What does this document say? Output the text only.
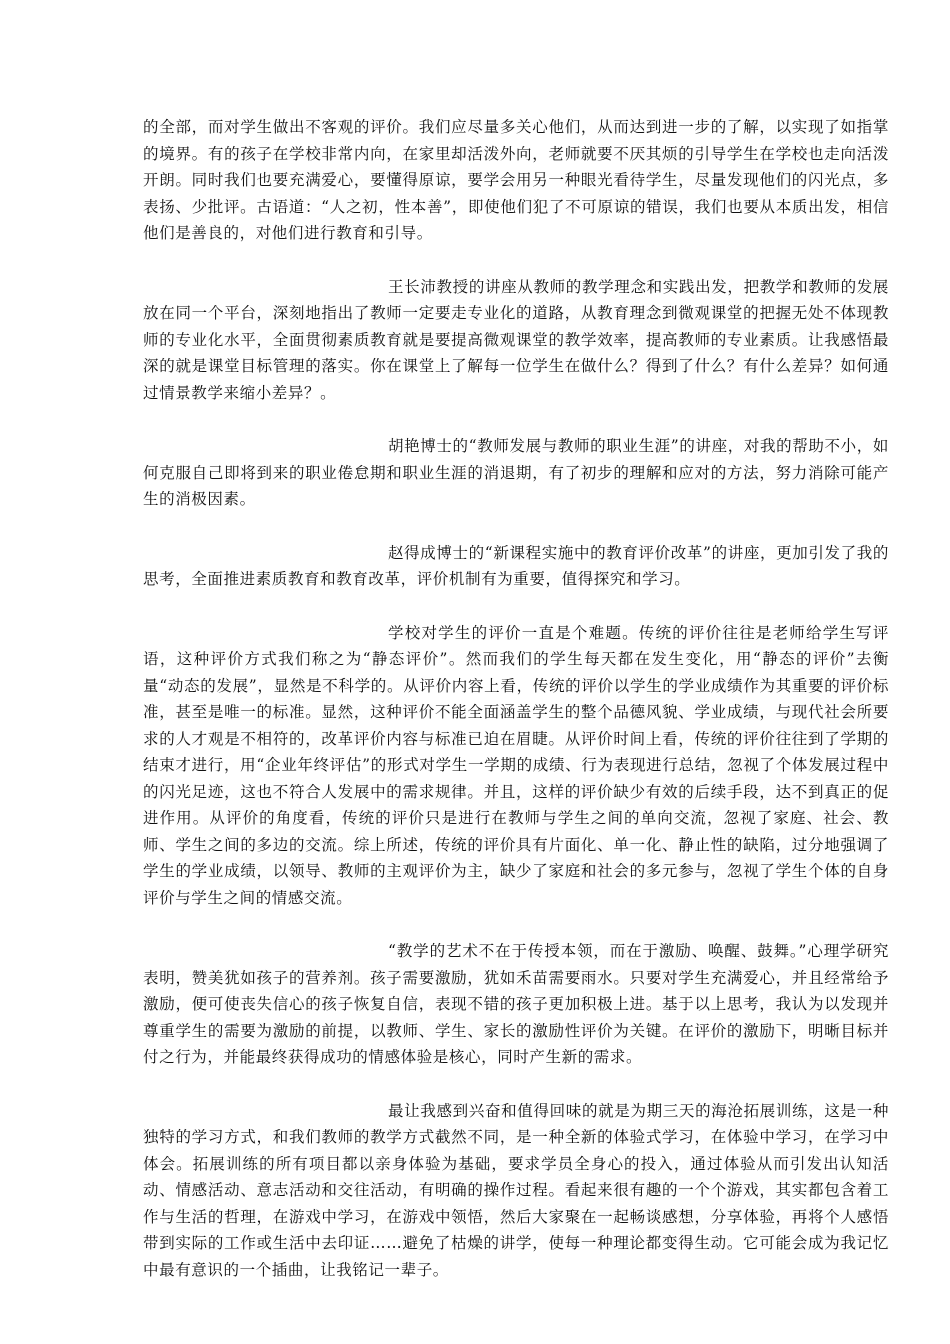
的全部，而对学生做出不客观的评价。我们应尽量多关心他们，从而达到进一步的了解，以实现了如指掌的境界。有的孩子在学校非常内向，在家里却活泼外向，老师就要不厌其烦的引导学生在学校也走向活泼开朗。同时我们也要充满爱心，要懂得原谅，要学会用另一种眼光看待学生，尽量发现他们的闪光点，多表扬、少批评。古语道：“人之初，性本善”，即使他们犯了不可原谅的错误，我们也要从本质出发，相信他们是善良的，对他们进行教育和引导。

王长沛教授的讲座从教师的教学理念和实践出发，把教学和教师的发展放在同一个平台，深刻地指出了教师一定要走专业化的道路，从教育理念到微观课堂的把握无处不体现教师的专业化水平，全面贯彻素质教育就是要提高微观课堂的教学效率，提高教师的专业素质。让我感悟最深的就是课堂目标管理的落实。你在课堂上了解每一位学生在做什么？得到了什么？有什么差异？如何通过情景教学来缩小差异？。

胡艳博士的“教师发展与教师的职业生涯”的讲座，对我的帮助不小，如何克服自己即将到来的职业倦怠期和职业生涯的消退期，有了初步的理解和应对的方法，努力消除可能产生的消极因素。

赵得成博士的“新课程实施中的教育评价改革”的讲座，更加引发了我的思考，全面推进素质教育和教育改革，评价机制有为重要，值得探究和学习。

学校对学生的评价一直是个难题。传统的评价往往是老师给学生写评语，这种评价方式我们称之为“静态评价”。然而我们的学生每天都在发生变化，用“静态的评价”去衡量“动态的发展”，显然是不科学的。从评价内容上看，传统的评价以学生的学业成绩作为其重要的评价标准，甚至是唯一的标准。显然，这种评价不能全面涵盖学生的整个品德风貌、学业成绩，与现代社会所要求的人才观是不相符的，改革评价内容与标准已迫在眉睫。从评价时间上看，传统的评价往往到了学期的结束才进行，用“企业年终评估”的形式对学生一学期的成绩、行为表现进行总结，忽视了个体发展过程中的闪光足迹，这也不符合人发展中的需求规律。并且，这样的评价缺少有效的后续手段，达不到真正的促进作用。从评价的角度看，传统的评价只是进行在教师与学生之间的单向交流，忽视了家庭、社会、教师、学生之间的多边的交流。综上所述，传统的评价具有片面化、单一化、静止性的缺陷，过分地强调了学生的学业成绩，以领导、教师的主观评价为主，缺少了家庭和社会的多元参与，忽视了学生个体的自身评价与学生之间的情感交流。

“教学的艺术不在于传授本领，而在于激励、唤醒、鼓舞。”心理学研究表明，赞美犹如孩子的营养剂。孩子需要激励，犹如禾苗需要雨水。只要对学生充满爱心，并且经常给予激励，便可使丧失信心的孩子恢复自信，表现不错的孩子更加积极上进。基于以上思考，我认为以发现并尊重学生的需要为激励的前提，以教师、学生、家长的激励性评价为关键。在评价的激励下，明晰目标并付之行为，并能最终获得成功的情感体验是核心，同时产生新的需求。

最让我感到兴奋和值得回味的就是为期三天的海沧拓展训练，这是一种独特的学习方式，和我们教师的教学方式截然不同，是一种全新的体验式学习，在体验中学习，在学习中体会。拓展训练的所有项目都以亲身体验为基础，要求学员全身心的投入，通过体验从而引发出认知活动、情感活动、意志活动和交往活动，有明确的操作过程。看起来很有趣的一个个游戏，其实都包含着工作与生活的哲理，在游戏中学习，在游戏中领悟，然后大家聚在一起畅谈感想，分享体验，再将个人感悟带到实际的工作或生活中去印证……避免了枯燥的讲学，使每一种理论都变得生动。它可能会成为我记忆中最有意识的一个插曲，让我铭记一辈子。
